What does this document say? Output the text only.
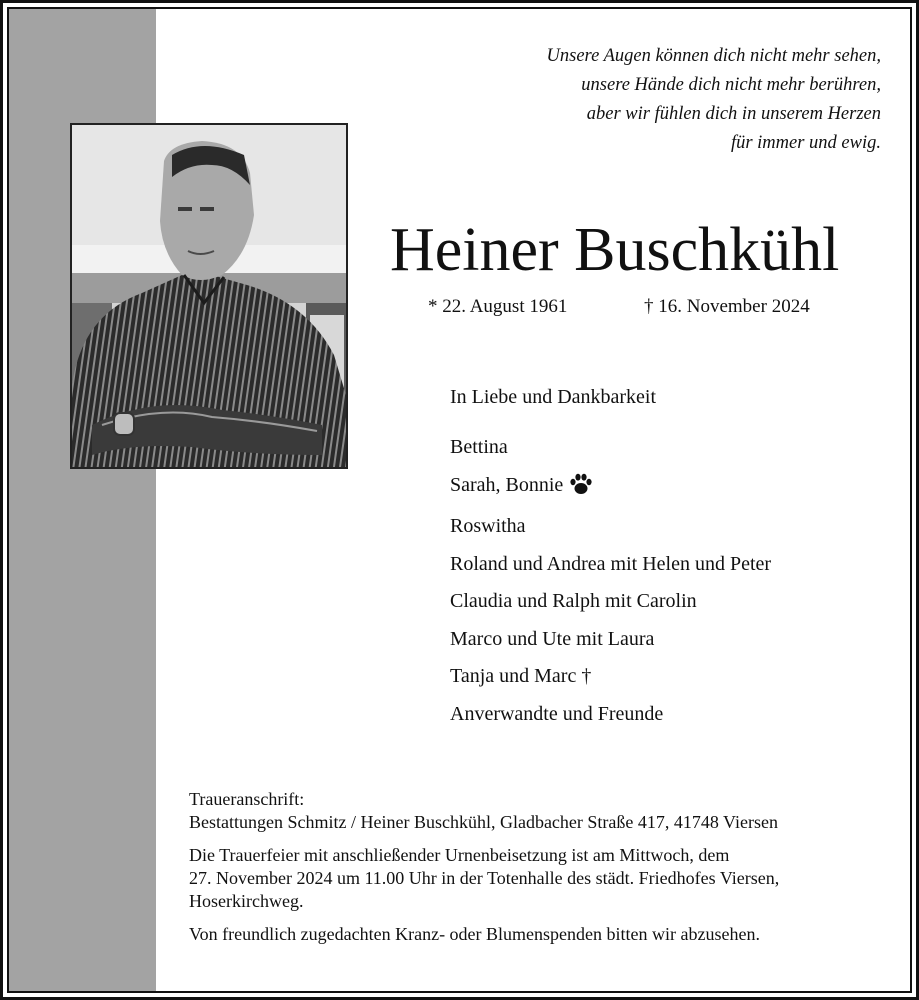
Unsere Augen können dich nicht mehr sehen,
unsere Hände dich nicht mehr berühren,
aber wir fühlen dich in unserem Herzen
für immer und ewig.
Heiner Buschkühl
* 22. August 1961	† 16. November 2024
In Liebe und Dankbarkeit
Bettina
Sarah, Bonnie
Roswitha
Roland und Andrea mit Helen und Peter
Claudia und Ralph mit Carolin
Marco und Ute mit Laura
Tanja und Marc †
Anverwandte und Freunde

Traueranschrift:

Bestattungen Schmitz / Heiner Buschkühl, Gladbacher Straße 417, 41748 Viersen

Die Trauerfeier mit anschließender Urnenbeisetzung ist am Mittwoch, dem

27. November 2024 um 11.00 Uhr in der Totenhalle des städt. Friedhofes Viersen,

Hoserkirchweg.

Von freundlich zugedachten Kranz- oder Blumenspenden bitten wir abzusehen.
